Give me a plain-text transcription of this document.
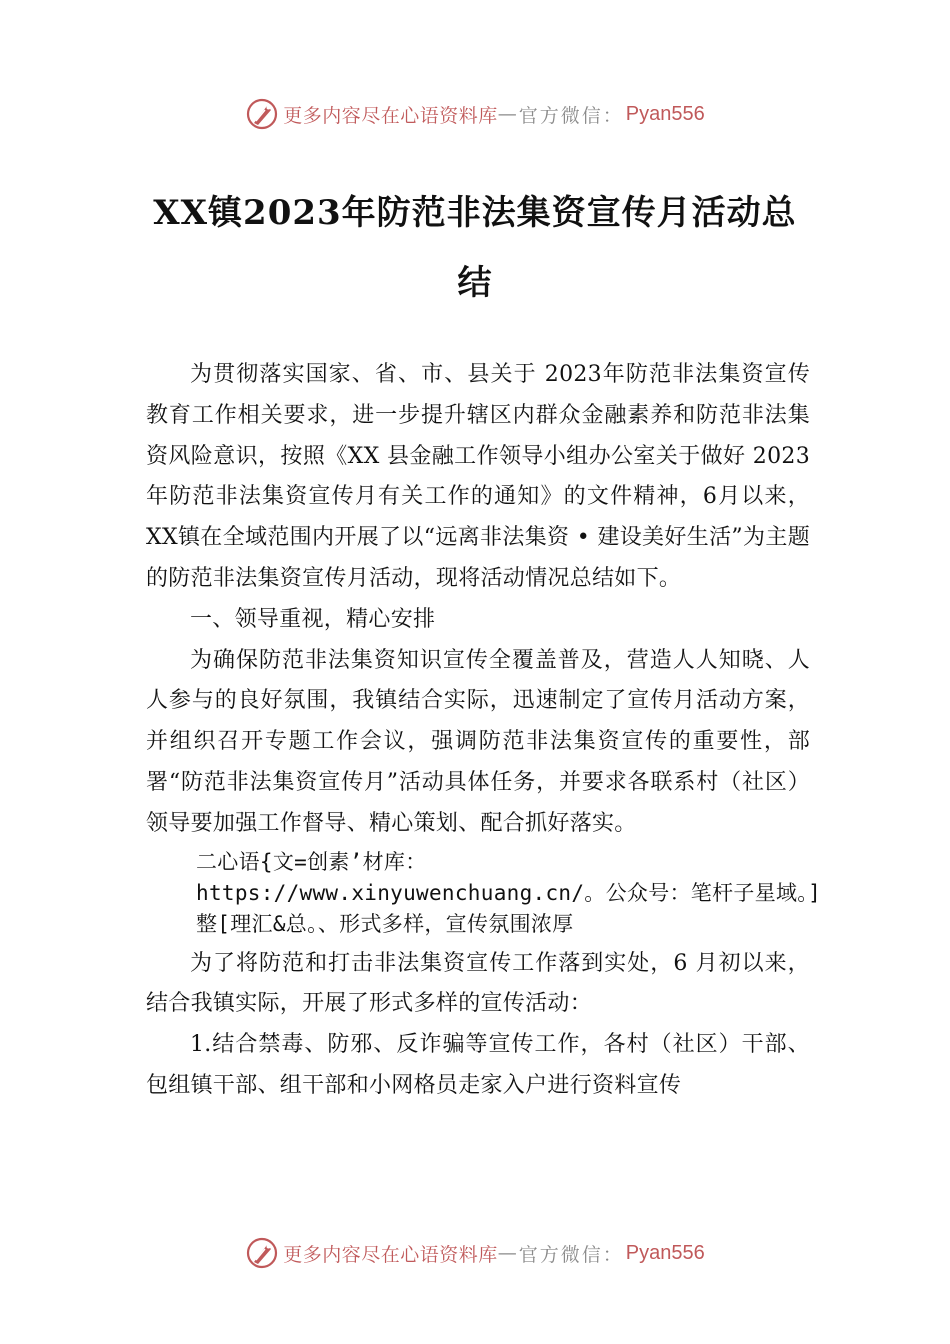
更多内容尽在心语资料库 — 官方微信： Pyan556
XX镇2023年防范非法集资宣传月活动总结

为贯彻落实国家、省、市、县关于 2023年防范非法集资宣传教育工作相关要求，进一步提升辖区内群众金融素养和防范非法集资风险意识，按照《XX 县金融工作领导小组办公室关于做好 2023年防范非法集资宣传月有关工作的通知》的文件精神，6月以来，XX镇在全域范围内开展了以“远离非法集资 • 建设美好生活”为主题的防范非法集资宣传月活动，现将活动情况总结如下。

一、领导重视，精心安排

为确保防范非法集资知识宣传全覆盖普及，营造人人知晓、人人参与的良好氛围，我镇结合实际，迅速制定了宣传月活动方案，并组织召开专题工作会议，强调防范非法集资宣传的重要性，部署“防范非法集资宣传月”活动具体任务，并要求各联系村（社区）领导要加强工作督导、精心策划、配合抓好落实。

二心语{文=创素’材库：https://www.xinyuwenchuang.cn/。公众号：笔杆子星域。]整[理汇&总。、形式多样，宣传氛围浓厚

为了将防范和打击非法集资宣传工作落到实处，6 月初以来，结合我镇实际，开展了形式多样的宣传活动：

1.结合禁毒、防邪、反诈骗等宣传工作，各村（社区）干部、包组镇干部、组干部和小网格员走家入户进行资料宣传

更多内容尽在心语资料库 — 官方微信： Pyan556
